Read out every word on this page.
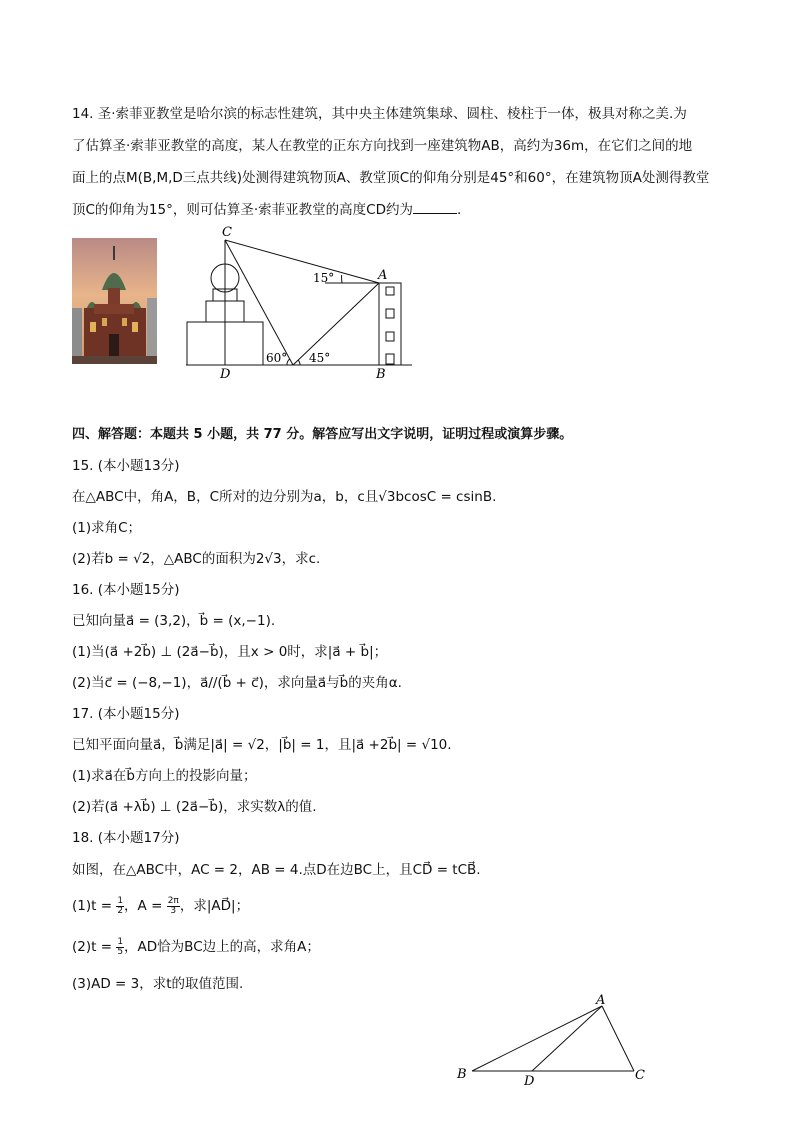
14. 圣·索菲亚教堂是哈尔滨的标志性建筑，其中央主体建筑集球、圆柱、棱柱于一体，极具对称之美.为
了估算圣·索菲亚教堂的高度，某人在教堂的正东方向找到一座建筑物AB，高约为36m，在它们之间的地
面上的点M(B,M,D三点共线)处测得建筑物顶A、教堂顶C的仰角分别是45°和60°，在建筑物顶A处测得教堂
顶C的仰角为15°，则可估算圣·索菲亚教堂的高度CD约为	.
C
A
D	B
15°
60° 45°
四、解答题：本题共 5 小题，共 77 分。解答应写出文字说明，证明过程或演算步骤。
15. (本小题13分)
在△ABC中，角A，B，C所对的边分别为a，b，c且√3bcosC = csinB.
(1)求角C；
(2)若b = √2，△ABC的面积为2√3，求c.
16. (本小题15分)
已知向量a⃗ = (3,2)，b⃗ = (x,−1).
(1)当(a⃗ +2b⃗) ⊥ (2a⃗−b⃗)，且x > 0时，求|a⃗ + b⃗|；
(2)当c⃗ = (−8,−1)，a⃗//(b⃗ + c⃗)，求向量a⃗与b⃗的夹角α.
17. (本小题15分)
已知平面向量a⃗，b⃗满足|a⃗| = √2，|b⃗| = 1，且|a⃗ +2b⃗| = √10.
(1)求a⃗在b⃗方向上的投影向量；
(2)若(a⃗ +λb⃗) ⊥ (2a⃗−b⃗)，求实数λ的值.
18. (本小题17分)
如图，在△ABC中，AC = 2，AB = 4.点D在边BC上，且CD⃗ = tCB⃗.
$(1)t = \frac{1}{2}$ ，$A = \frac{2\pi}{3}$ ，求|AD⃗|；
$(2)t = \frac{1}{5}$ ，AD恰为BC边上的高，求角A；
(3)AD = 3，求t的取值范围.
A
B	C
D
